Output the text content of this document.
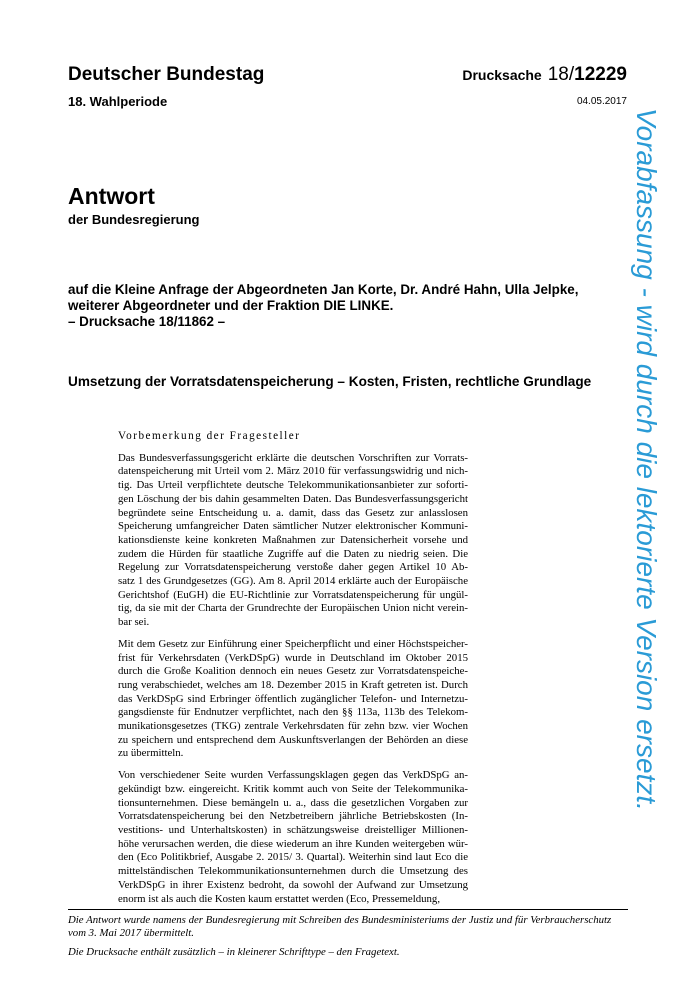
Deutscher Bundestag	Drucksache 18/12229
18. Wahlperiode	04.05.2017
Antwort
der Bundesregierung
auf die Kleine Anfrage der Abgeordneten Jan Korte, Dr. André Hahn, Ulla Jelpke,
weiterer Abgeordneter und der Fraktion DIE LINKE.
– Drucksache 18/11862 –
Umsetzung der Vorratsdatenspeicherung – Kosten, Fristen, rechtliche Grundlage
Vorbemerkung der Fragesteller

Das Bundesverfassungsgericht erklärte die deutschen Vorschriften zur Vorrats-
datenspeicherung mit Urteil vom 2. März 2010 für verfassungswidrig und nich-
tig. Das Urteil verpflichtete deutsche Telekommunikationsanbieter zur soforti-
gen Löschung der bis dahin gesammelten Daten. Das Bundesverfassungsgericht
begründete seine Entscheidung u. a. damit, dass das Gesetz zur anlasslosen
Speicherung umfangreicher Daten sämtlicher Nutzer elektronischer Kommuni-
kationsdienste keine konkreten Maßnahmen zur Datensicherheit vorsehe und
zudem die Hürden für staatliche Zugriffe auf die Daten zu niedrig seien. Die
Regelung zur Vorratsdatenspeicherung verstoße daher gegen Artikel 10 Ab-
satz 1 des Grundgesetzes (GG). Am 8. April 2014 erklärte auch der Europäische
Gerichtshof (EuGH) die EU-Richtlinie zur Vorratsdatenspeicherung für ungül-
tig, da sie mit der Charta der Grundrechte der Europäischen Union nicht verein-
bar sei.

Mit dem Gesetz zur Einführung einer Speicherpflicht und einer Höchstspeicher-
frist für Verkehrsdaten (VerkDSpG) wurde in Deutschland im Oktober 2015
durch die Große Koalition dennoch ein neues Gesetz zur Vorratsdatenspeiche-
rung verabschiedet, welches am 18. Dezember 2015 in Kraft getreten ist. Durch
das VerkDSpG sind Erbringer öffentlich zugänglicher Telefon- und Internetzu-
gangsdienste für Endnutzer verpflichtet, nach den §§ 113a, 113b des Telekom-
munikationsgesetzes (TKG) zentrale Verkehrsdaten für zehn bzw. vier Wochen
zu speichern und entsprechend dem Auskunftsverlangen der Behörden an diese
zu übermitteln.

Von verschiedener Seite wurden Verfassungsklagen gegen das VerkDSpG an-
gekündigt bzw. eingereicht. Kritik kommt auch von Seite der Telekommunika-
tionsunternehmen. Diese bemängeln u. a., dass die gesetzlichen Vorgaben zur
Vorratsdatenspeicherung bei den Netzbetreibern jährliche Betriebskosten (In-
vestitions- und Unterhaltskosten) in schätzungsweise dreistelliger Millionen-
höhe verursachen werden, die diese wiederum an ihre Kunden weitergeben wür-
den (Eco Politikbrief, Ausgabe 2. 2015/ 3. Quartal). Weiterhin sind laut Eco die
mittelständischen Telekommunikationsunternehmen durch die Umsetzung des
VerkDSpG in ihrer Existenz bedroht, da sowohl der Aufwand zur Umsetzung
enorm ist als auch die Kosten kaum erstattet werden (Eco, Pressemeldung,

Die Antwort wurde namens der Bundesregierung mit Schreiben des Bundesministeriums der Justiz und für Verbraucherschutz vom 3. Mai 2017 übermittelt.
Die Drucksache enthält zusätzlich – in kleinerer Schrifttype – den Fragetext.
Vorabfassung - wird durch die lektorierte Version ersetzt.
